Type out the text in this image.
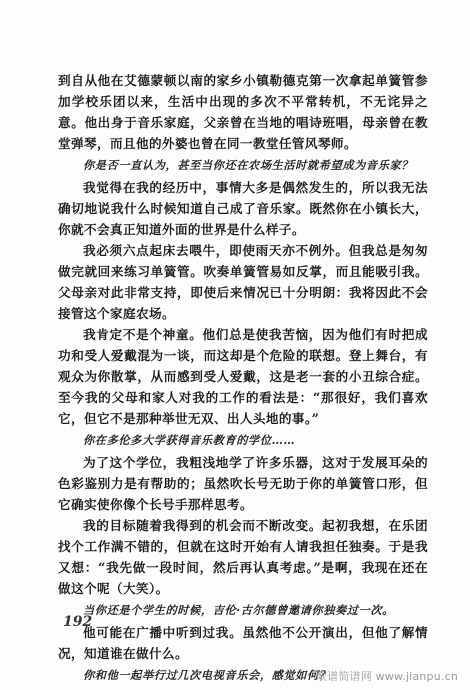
到自从他在艾德蒙顿以南的家乡小镇勒德克第一次拿起单簧管参加学校乐团以来，生活中出现的多次不平常转机，不无诧异之意。他出身于音乐家庭，父亲曾在当地的唱诗班唱，母亲曾在教堂弹琴，而且他的外婆也曾在同一教堂任管风琴师。

你是否一直认为，甚至当你还在农场生活时就希望成为音乐家？

我觉得在我的经历中，事情大多是偶然发生的，所以我无法确切地说我什么时候知道自己成了音乐家。既然你在小镇长大，你就不会真正知道外面的世界是什么样子。

我必须六点起床去喂牛，即使雨天亦不例外。但我总是匆匆做完就回来练习单簧管。吹奏单簧管易如反掌，而且能吸引我。父母亲对此非常支持，即使后来情况已十分明朗：我将因此不会接管这个家庭农场。

我肯定不是个神童。他们总是使我苦恼，因为他们有时把成功和受人爱戴混为一谈，而这却是个危险的联想。登上舞台，有观众为你散掌，从而感到受人爱戴，这是老一套的小丑综合症。至今我的父母和家人对我的工作的看法是：“那很好，我们喜欢它，但它不是那种举世无双、出人头地的事。”

你在多伦多大学获得音乐教育的学位……

为了这个学位，我粗浅地学了许多乐器，这对于发展耳朵的色彩鉴别力是有帮助的；虽然吹长号无助于你的单簧管口形，但它确实使你像个长号手那样思考。

我的目标随着我得到的机会而不断改变。起初我想，在乐团找个工作满不错的，但就在这时开始有人请我担任独奏。于是我又想：“我先做一段时间，然后再认真考虑。”是啊，我现在还在做这个呢（大笑）。

当你还是个学生的时候，吉伦·古尔德曾邀请你独奏过一次。

他可能在广播中听到过我。虽然他不公开演出，但他了解情况，知道谁在做什么。

你和他一起举行过几次电视音乐会，感觉如何？

192
歌谱简谱网 www.jianpu.cn
